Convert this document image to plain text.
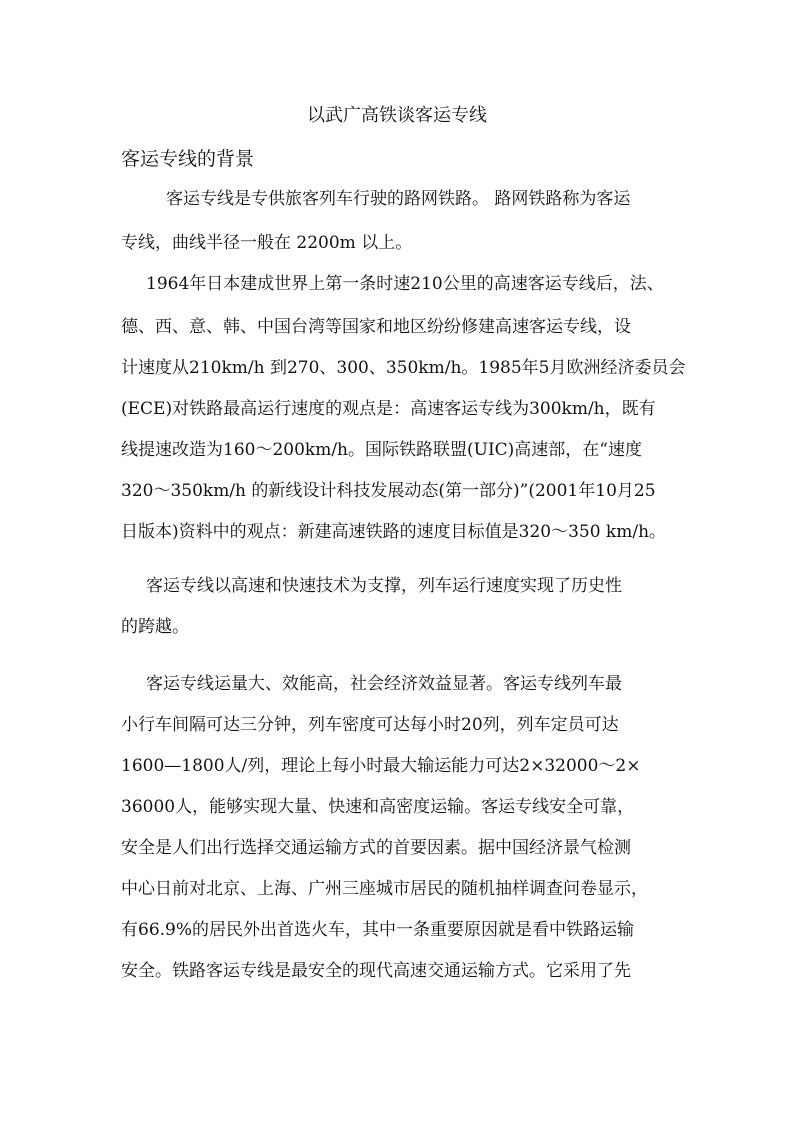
以武广高铁谈客运专线
客运专线的背景
客运专线是专供旅客列车行驶的路网铁路。 路网铁路称为客运
专线，曲线半径一般在 2200m 以上。
1964年日本建成世界上第一条时速210公里的高速客运专线后，法、
德、西、意、韩、中国台湾等国家和地区纷纷修建高速客运专线，设
计速度从210km/h 到270、300、350km/h。1985年5月欧洲经济委员会
(ECE)对铁路最高运行速度的观点是：高速客运专线为300km/h，既有
线提速改造为160～200km/h。国际铁路联盟(UIC)高速部，在“速度
320～350km/h 的新线设计科技发展动态(第一部分)”(2001年10月25
日版本)资料中的观点：新建高速铁路的速度目标值是320～350 km/h。
客运专线以高速和快速技术为支撑，列车运行速度实现了历史性
的跨越。
客运专线运量大、效能高，社会经济效益显著。客运专线列车最
小行车间隔可达三分钟，列车密度可达每小时20列，列车定员可达
1600—1800人/列，理论上每小时最大输运能力可达2×32000～2×
36000人，能够实现大量、快速和高密度运输。客运专线安全可靠，
安全是人们出行选择交通运输方式的首要因素。据中国经济景气检测
中心日前对北京、上海、广州三座城市居民的随机抽样调查问卷显示，
有66.9%的居民外出首选火车，其中一条重要原因就是看中铁路运输
安全。铁路客运专线是最安全的现代高速交通运输方式。它采用了先
